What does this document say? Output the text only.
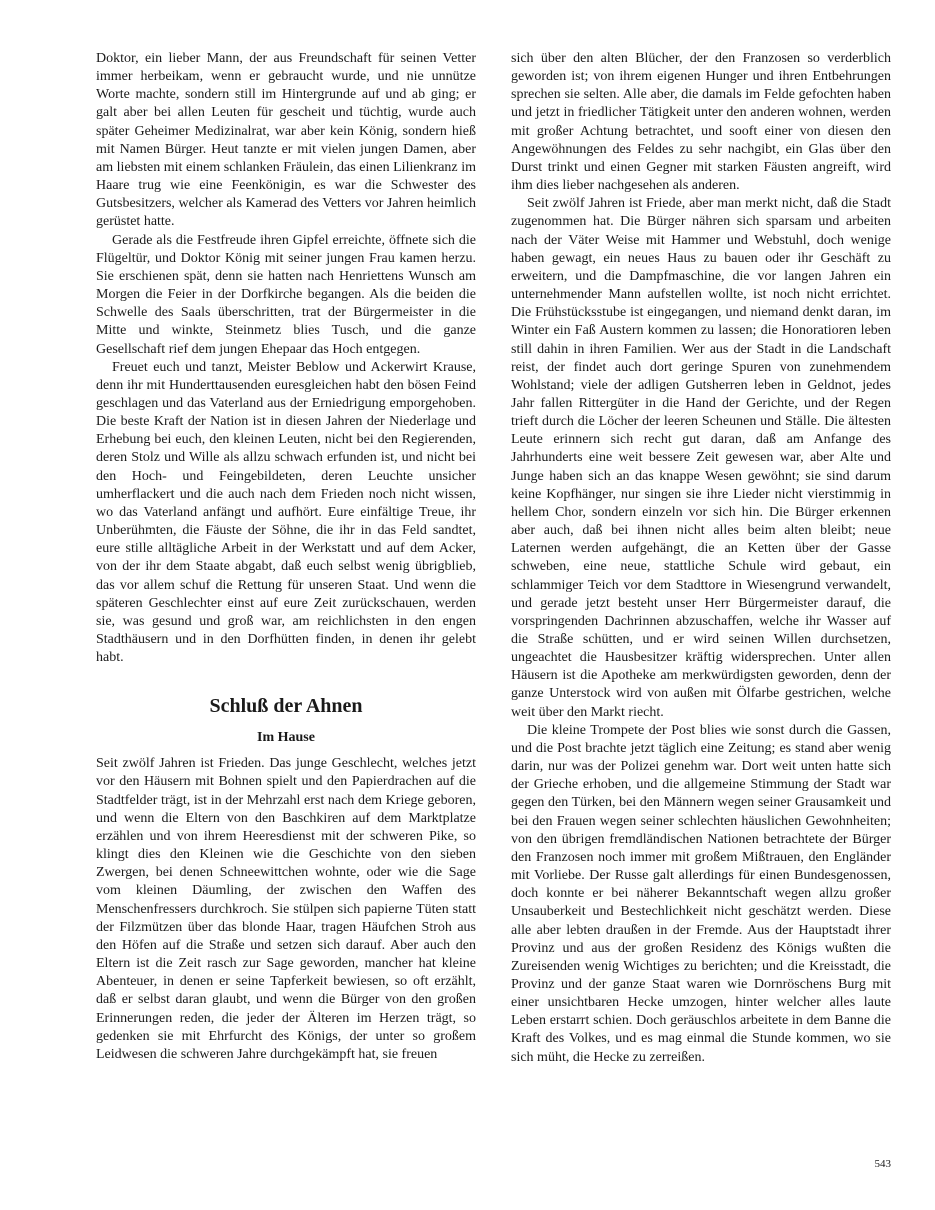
Doktor, ein lieber Mann, der aus Freundschaft für seinen Vetter immer herbeikam, wenn er gebraucht wurde, und nie unnütze Worte machte, sondern still im Hintergrunde auf und ab ging; er galt aber bei allen Leuten für gescheit und tüchtig, wurde auch später Geheimer Medizinalrat, war aber kein König, sondern hieß mit Namen Bürger. Heut tanzte er mit vielen jungen Damen, aber am liebsten mit einem schlanken Fräulein, das einen Lilienkranz im Haare trug wie eine Feenkönigin, es war die Schwester des Gutsbesitzers, welcher als Kamerad des Vetters vor Jahren heimlich gerüstet hatte.

Gerade als die Festfreude ihren Gipfel erreichte, öffnete sich die Flügeltür, und Doktor König mit seiner jungen Frau kamen herzu. Sie erschienen spät, denn sie hatten nach Henriettens Wunsch am Morgen die Feier in der Dorfkirche begangen. Als die beiden die Schwelle des Saals überschritten, trat der Bürgermeister in die Mitte und winkte, Steinmetz blies Tusch, und die ganze Gesellschaft rief dem jungen Ehepaar das Hoch entgegen.

Freuet euch und tanzt, Meister Beblow und Ackerwirt Krause, denn ihr mit Hunderttausenden euresgleichen habt den bösen Feind geschlagen und das Vaterland aus der Erniedrigung emporgehoben. Die beste Kraft der Nation ist in diesen Jahren der Niederlage und Erhebung bei euch, den kleinen Leuten, nicht bei den Regierenden, deren Stolz und Wille als allzu schwach erfunden ist, und nicht bei den Hoch- und Feingebildeten, deren Leuchte unsicher umherflackert und die auch nach dem Frieden noch nicht wissen, wo das Vaterland anfängt und aufhört. Eure einfältige Treue, ihr Unberühmten, die Fäuste der Söhne, die ihr in das Feld sandtet, eure stille alltägliche Arbeit in der Werkstatt und auf dem Acker, von der ihr dem Staate abgabt, daß euch selbst wenig übrigblieb, das vor allem schuf die Rettung für unseren Staat. Und wenn die späteren Geschlechter einst auf eure Zeit zurückschauen, werden sie, was gesund und groß war, am reichlichsten in den engen Stadthäusern und in den Dorfhütten finden, in denen ihr gelebt habt.

Schluß der Ahnen
Im Hause

Seit zwölf Jahren ist Frieden. Das junge Geschlecht, welches jetzt vor den Häusern mit Bohnen spielt und den Papierdrachen auf die Stadtfelder trägt, ist in der Mehrzahl erst nach dem Kriege geboren, und wenn die Eltern von den Baschkiren auf dem Marktplatze erzählen und von ihrem Heeresdienst mit der schweren Pike, so klingt dies den Kleinen wie die Geschichte von den sieben Zwergen, bei denen Schneewittchen wohnte, oder wie die Sage vom kleinen Däumling, der zwischen den Waffen des Menschenfressers durchkroch. Sie stülpen sich papierne Tüten statt der Filzmützen über das blonde Haar, tragen Häufchen Stroh aus den Höfen auf die Straße und setzen sich darauf. Aber auch den Eltern ist die Zeit rasch zur Sage geworden, mancher hat kleine Abenteuer, in denen er seine Tapferkeit bewiesen, so oft erzählt, daß er selbst daran glaubt, und wenn die Bürger von den großen Erinnerungen reden, die jeder der Älteren im Herzen trägt, so gedenken sie mit Ehrfurcht des Königs, der unter so großem Leidwesen die schweren Jahre durchgekämpft hat, sie freuen

sich über den alten Blücher, der den Franzosen so verderblich geworden ist; von ihrem eigenen Hunger und ihren Entbehrungen sprechen sie selten. Alle aber, die damals im Felde gefochten haben und jetzt in friedlicher Tätigkeit unter den anderen wohnen, werden mit großer Achtung betrachtet, und sooft einer von diesen den Angewöhnungen des Feldes zu sehr nachgibt, ein Glas über den Durst trinkt und einen Gegner mit starken Fäusten angreift, wird ihm dies lieber nachgesehen als anderen.

Seit zwölf Jahren ist Friede, aber man merkt nicht, daß die Stadt zugenommen hat. Die Bürger nähren sich sparsam und arbeiten nach der Väter Weise mit Hammer und Webstuhl, doch wenige haben gewagt, ein neues Haus zu bauen oder ihr Geschäft zu erweitern, und die Dampfmaschine, die vor langen Jahren ein unternehmender Mann aufstellen wollte, ist noch nicht errichtet. Die Frühstücksstube ist eingegangen, und niemand denkt daran, im Winter ein Faß Austern kommen zu lassen; die Honoratioren leben still dahin in ihren Familien. Wer aus der Stadt in die Landschaft reist, der findet auch dort geringe Spuren von zunehmendem Wohlstand; viele der adligen Gutsherren leben in Geldnot, jedes Jahr fallen Rittergüter in die Hand der Gerichte, und der Regen trieft durch die Löcher der leeren Scheunen und Ställe. Die ältesten Leute erinnern sich recht gut daran, daß am Anfange des Jahrhunderts eine weit bessere Zeit gewesen war, aber Alte und Junge haben sich an das knappe Wesen gewöhnt; sie sind darum keine Kopfhänger, nur singen sie ihre Lieder nicht vierstimmig in hellem Chor, sondern einzeln vor sich hin. Die Bürger erkennen aber auch, daß bei ihnen nicht alles beim alten bleibt; neue Laternen werden aufgehängt, die an Ketten über der Gasse schweben, eine neue, stattliche Schule wird gebaut, ein schlammiger Teich vor dem Stadttore in Wiesengrund verwandelt, und gerade jetzt besteht unser Herr Bürgermeister darauf, die vorspringenden Dachrinnen abzuschaffen, welche ihr Wasser auf die Straße schütten, und er wird seinen Willen durchsetzen, ungeachtet die Hausbesitzer kräftig widersprechen. Unter allen Häusern ist die Apotheke am merkwürdigsten geworden, denn der ganze Unterstock wird von außen mit Ölfarbe gestrichen, welche weit über den Markt riecht.

Die kleine Trompete der Post blies wie sonst durch die Gassen, und die Post brachte jetzt täglich eine Zeitung; es stand aber wenig darin, nur was der Polizei genehm war. Dort weit unten hatte sich der Grieche erhoben, und die allgemeine Stimmung der Stadt war gegen den Türken, bei den Männern wegen seiner Grausamkeit und bei den Frauen wegen seiner schlechten häuslichen Gewohnheiten; von den übrigen fremdländischen Nationen betrachtete der Bürger den Franzosen noch immer mit großem Mißtrauen, den Engländer mit Vorliebe. Der Russe galt allerdings für einen Bundesgenossen, doch konnte er bei näherer Bekanntschaft wegen allzu großer Unsauberkeit und Bestechlichkeit nicht geschätzt werden. Diese alle aber lebten draußen in der Fremde. Aus der Hauptstadt ihrer Provinz und aus der großen Residenz des Königs wußten die Zureisenden wenig Wichtiges zu berichten; und die Kreisstadt, die Provinz und der ganze Staat waren wie Dornröschens Burg mit einer unsichtbaren Hecke umzogen, hinter welcher alles laute Leben erstarrt schien. Doch geräuschlos arbeitete in dem Banne die Kraft des Volkes, und es mag einmal die Stunde kommen, wo sie sich müht, die Hecke zu zerreißen.

543
